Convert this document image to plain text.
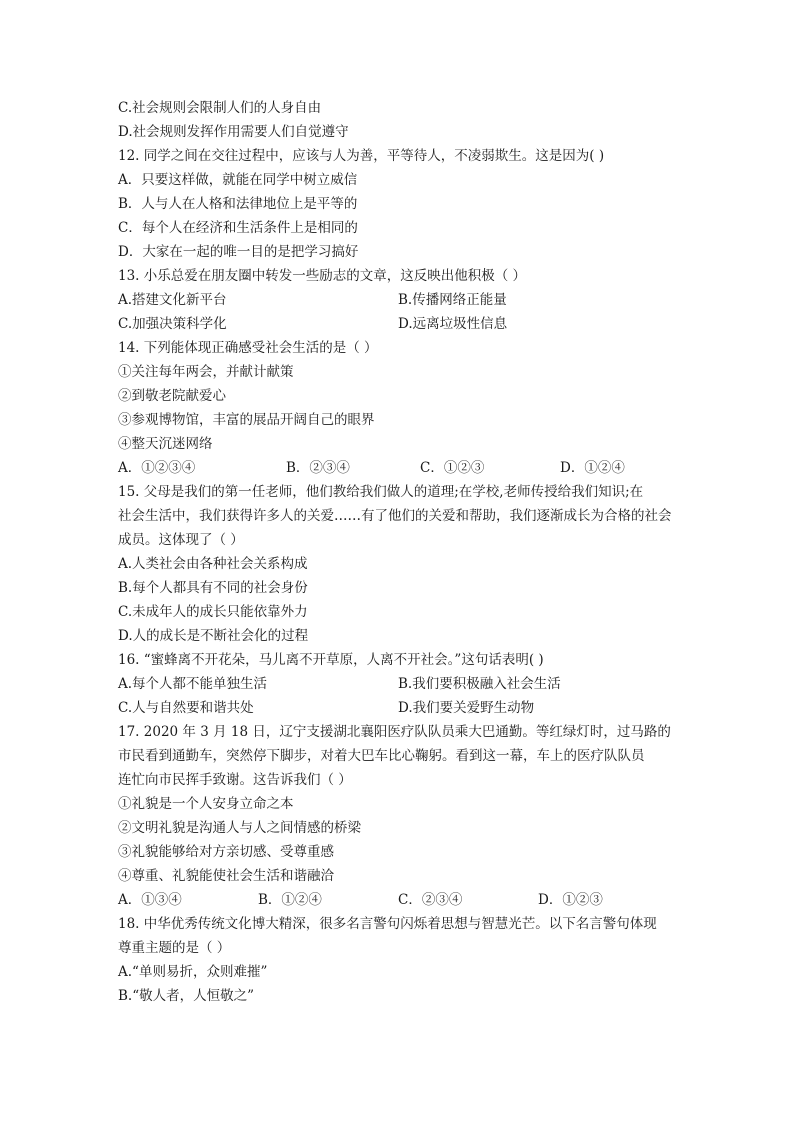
C.社会规则会限制人们的人身自由
D.社会规则发挥作用需要人们自觉遵守
12. 同学之间在交往过程中，应该与人为善，平等待人，不凌弱欺生。这是因为( )
A．只要这样做，就能在同学中树立威信
B．人与人在人格和法律地位上是平等的
C．每个人在经济和生活条件上是相同的
D．大家在一起的唯一目的是把学习搞好
13. 小乐总爱在朋友圈中转发一些励志的文章，这反映出他积极（ ）
A.搭建文化新平台	B.传播网络正能量
C.加强决策科学化	D.远离垃圾性信息
14. 下列能体现正确感受社会生活的是（ ）
①关注每年两会，并献计献策
②到敬老院献爱心
③参观博物馆，丰富的展品开阔自己的眼界
④整天沉迷网络
A．①②③④	B．②③④	C．①②③	D．①②④
15. 父母是我们的第一任老师，他们教给我们做人的道理;在学校,老师传授给我们知识;在
社会生活中，我们获得许多人的关爱……有了他们的关爱和帮助，我们逐渐成长为合格的社会
成员。这体现了（ ）
A.人类社会由各种社会关系构成
B.每个人都具有不同的社会身份
C.未成年人的成长只能依靠外力
D.人的成长是不断社会化的过程
16. “蜜蜂离不开花朵，马儿离不开草原，人离不开社会。”这句话表明( )
A.每个人都不能单独生活	B.我们要积极融入社会生活
C.人与自然要和谐共处	D.我们要关爱野生动物
17. 2020 年 3 月 18 日，辽宁支援湖北襄阳医疗队队员乘大巴通勤。等红绿灯时，过马路的
市民看到通勤车，突然停下脚步，对着大巴车比心鞠躬。看到这一幕，车上的医疗队队员
连忙向市民挥手致谢。这告诉我们（ ）
①礼貌是一个人安身立命之本
②文明礼貌是沟通人与人之间情感的桥梁
③礼貌能够给对方亲切感、受尊重感
④尊重、礼貌能使社会生活和谐融洽
A．①③④	B．①②④	C．②③④	D．①②③
18. 中华优秀传统文化博大精深，很多名言警句闪烁着思想与智慧光芒。以下名言警句体现
尊重主题的是（ ）
A.“单则易折，众则难摧”
B.“敬人者，人恒敬之”
